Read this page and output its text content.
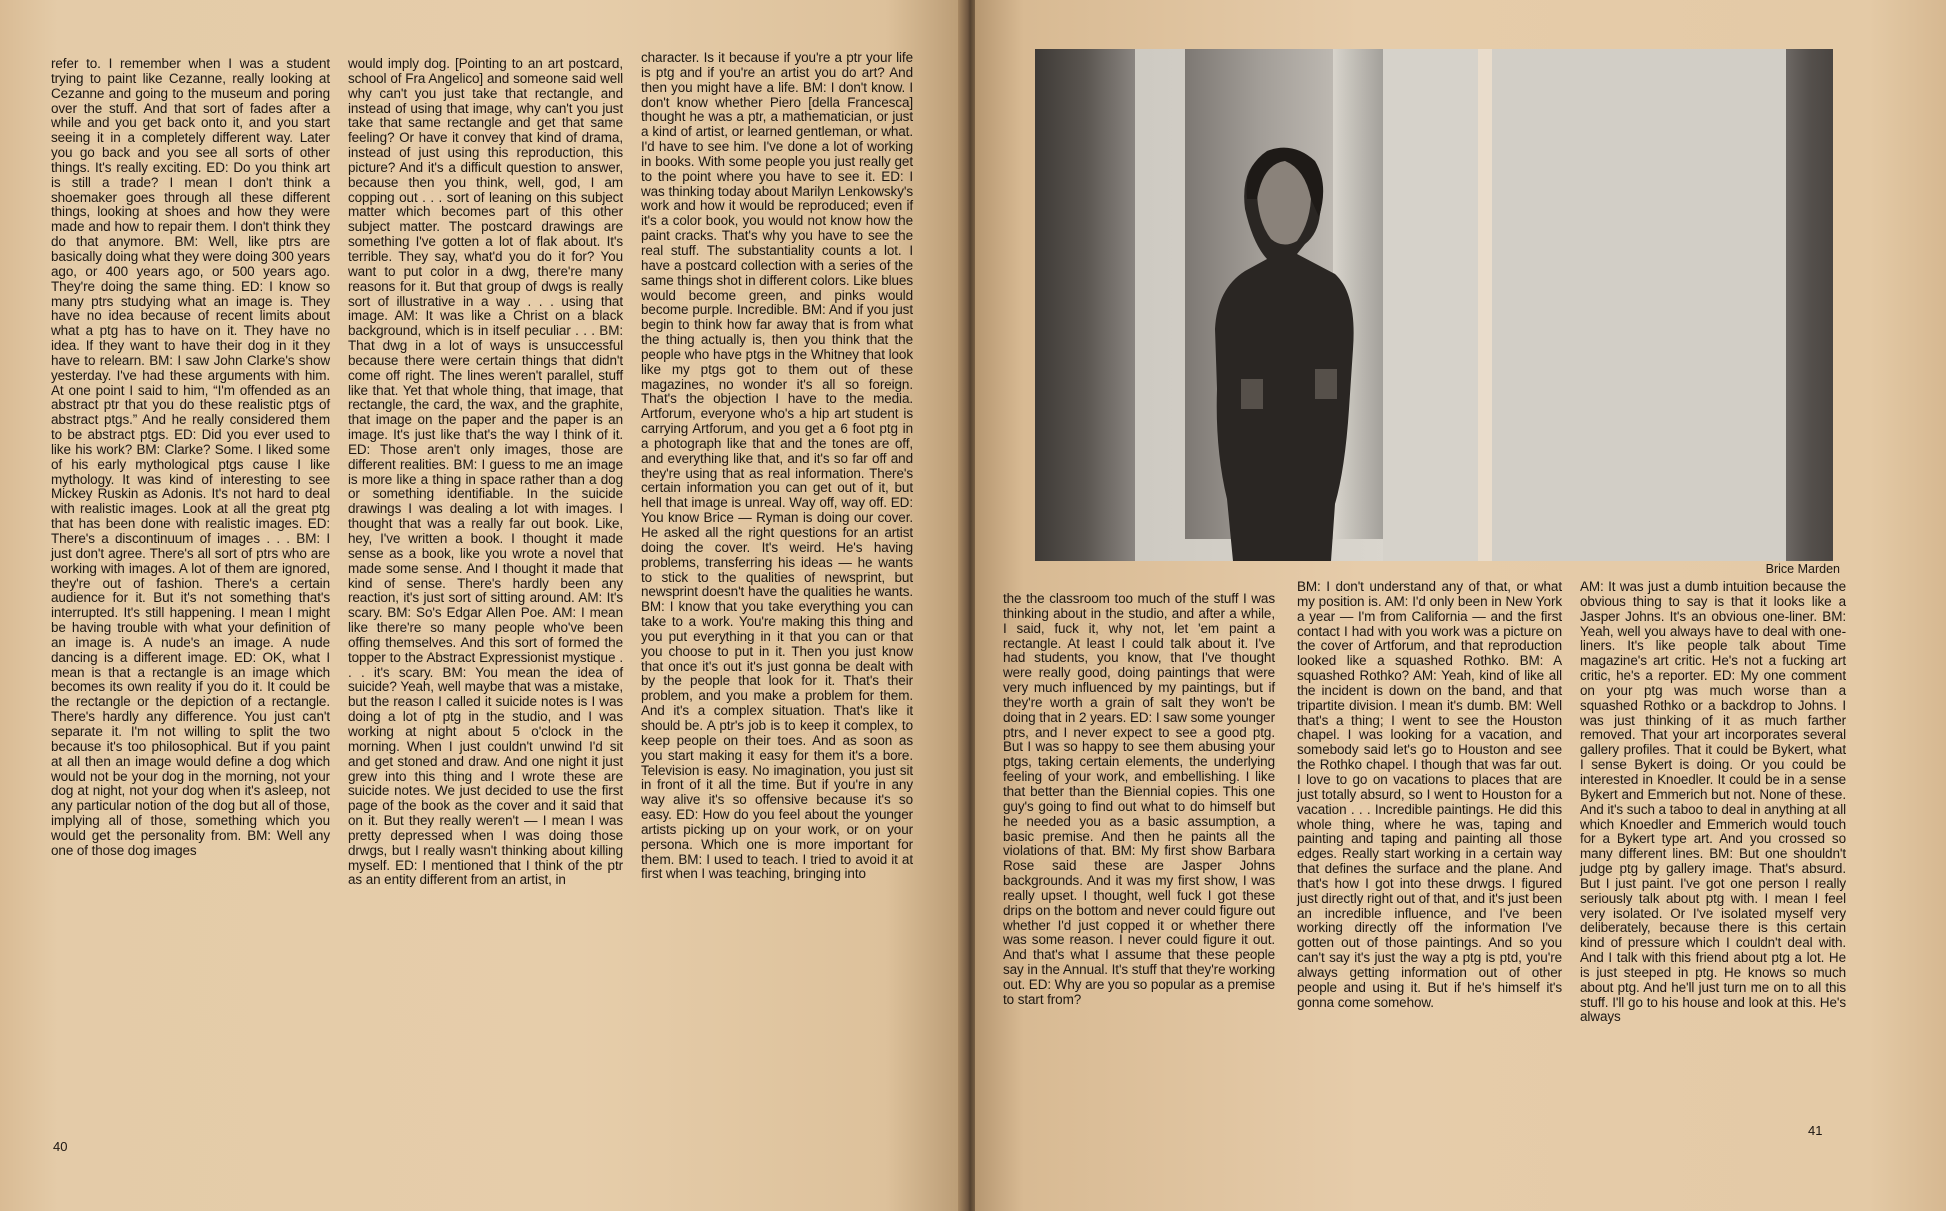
refer to. I remember when I was a student trying to paint like Cezanne, really looking at Cezanne and going to the museum and poring over the stuff. And that sort of fades after a while and you get back onto it, and you start seeing it in a completely different way. Later you go back and you see all sorts of other things. It's really exciting. ED: Do you think art is still a trade? I mean I don't think a shoemaker goes through all these different things, looking at shoes and how they were made and how to repair them. I don't think they do that anymore. BM: Well, like ptrs are basically doing what they were doing 300 years ago, or 400 years ago, or 500 years ago. They're doing the same thing. ED: I know so many ptrs studying what an image is. They have no idea because of recent limits about what a ptg has to have on it. They have no idea. If they want to have their dog in it they have to relearn. BM: I saw John Clarke's show yesterday. I've had these arguments with him. At one point I said to him, “I'm offended as an abstract ptr that you do these realistic ptgs of abstract ptgs.” And he really considered them to be abstract ptgs. ED: Did you ever used to like his work? BM: Clarke? Some. I liked some of his early mythological ptgs cause I like mythology. It was kind of interesting to see Mickey Ruskin as Adonis. It's not hard to deal with realistic images. Look at all the great ptg that has been done with realistic images. ED: There's a discontinuum of images . . . BM: I just don't agree. There's all sort of ptrs who are working with images. A lot of them are ignored, they're out of fashion. There's a certain audience for it. But it's not something that's interrupted. It's still happening. I mean I might be having trouble with what your definition of an image is. A nude's an image. A nude dancing is a different image. ED: OK, what I mean is that a rectangle is an image which becomes its own reality if you do it. It could be the rectangle or the depiction of a rectangle. There's hardly any difference. You just can't separate it. I'm not willing to split the two because it's too philosophical. But if you paint at all then an image would define a dog which would not be your dog in the morning, not your dog at night, not your dog when it's asleep, not any particular notion of the dog but all of those, implying all of those, something which you would get the personality from. BM: Well any one of those dog images

would imply dog. [Pointing to an art postcard, school of Fra Angelico] and someone said well why can't you just take that rectangle, and instead of using that image, why can't you just take that same rectangle and get that same feeling? Or have it convey that kind of drama, instead of just using this reproduction, this picture? And it's a difficult question to answer, because then you think, well, god, I am copping out . . . sort of leaning on this subject matter which becomes part of this other subject matter. The postcard drawings are something I've gotten a lot of flak about. It's terrible. They say, what'd you do it for? You want to put color in a dwg, there're many reasons for it. But that group of dwgs is really sort of illustrative in a way . . . using that image. AM: It was like a Christ on a black background, which is in itself peculiar . . . BM: That dwg in a lot of ways is unsuccessful because there were certain things that didn't come off right. The lines weren't parallel, stuff like that. Yet that whole thing, that image, that rectangle, the card, the wax, and the graphite, that image on the paper and the paper is an image. It's just like that's the way I think of it. ED: Those aren't only images, those are different realities. BM: I guess to me an image is more like a thing in space rather than a dog or something identifiable. In the suicide drawings I was dealing a lot with images. I thought that was a really far out book. Like, hey, I've written a book. I thought it made sense as a book, like you wrote a novel that made some sense. And I thought it made that kind of sense. There's hardly been any reaction, it's just sort of sitting around. AM: It's scary. BM: So's Edgar Allen Poe. AM: I mean like there're so many people who've been offing themselves. And this sort of formed the topper to the Abstract Expressionist mystique . . . it's scary. BM: You mean the idea of suicide? Yeah, well maybe that was a mistake, but the reason I called it suicide notes is I was doing a lot of ptg in the studio, and I was working at night about 5 o'clock in the morning. When I just couldn't unwind I'd sit and get stoned and draw. And one night it just grew into this thing and I wrote these are suicide notes. We just decided to use the first page of the book as the cover and it said that on it. But they really weren't — I mean I was pretty depressed when I was doing those drwgs, but I really wasn't thinking about killing myself. ED: I mentioned that I think of the ptr as an entity different from an artist, in

character. Is it because if you're a ptr your life is ptg and if you're an artist you do art? And then you might have a life. BM: I don't know. I don't know whether Piero [della Francesca] thought he was a ptr, a mathematician, or just a kind of artist, or learned gentleman, or what. I'd have to see him. I've done a lot of working in books. With some people you just really get to the point where you have to see it. ED: I was thinking today about Marilyn Lenkowsky's work and how it would be reproduced; even if it's a color book, you would not know how the paint cracks. That's why you have to see the real stuff. The substantiality counts a lot. I have a postcard collection with a series of the same things shot in different colors. Like blues would become green, and pinks would become purple. Incredible. BM: And if you just begin to think how far away that is from what the thing actually is, then you think that the people who have ptgs in the Whitney that look like my ptgs got to them out of these magazines, no wonder it's all so foreign. That's the objection I have to the media. Artforum, everyone who's a hip art student is carrying Artforum, and you get a 6 foot ptg in a photograph like that and the tones are off, and everything like that, and it's so far off and they're using that as real information. There's certain information you can get out of it, but hell that image is unreal. Way off, way off. ED: You know Brice — Ryman is doing our cover. He asked all the right questions for an artist doing the cover. It's weird. He's having problems, transferring his ideas — he wants to stick to the qualities of newsprint, but newsprint doesn't have the qualities he wants. BM: I know that you take everything you can take to a work. You're making this thing and you put everything in it that you can or that you choose to put in it. Then you just know that once it's out it's just gonna be dealt with by the people that look for it. That's their problem, and you make a problem for them. And it's a complex situation. That's like it should be. A ptr's job is to keep it complex, to keep people on their toes. And as soon as you start making it easy for them it's a bore. Television is easy. No imagination, you just sit in front of it all the time. But if you're in any way alive it's so offensive because it's so easy. ED: How do you feel about the younger artists picking up on your work, or on your persona. Which one is more important for them. BM: I used to teach. I tried to avoid it at first when I was teaching, bringing into

40

the the classroom too much of the stuff I was thinking about in the studio, and after a while, I said, fuck it, why not, let 'em paint a rectangle. At least I could talk about it. I've had students, you know, that I've thought were really good, doing paintings that were very much influenced by my paintings, but if they're worth a grain of salt they won't be doing that in 2 years. ED: I saw some younger ptrs, and I never expect to see a good ptg. But I was so happy to see them abusing your ptgs, taking certain elements, the underlying feeling of your work, and embellishing. I like that better than the Biennial copies. This one guy's going to find out what to do himself but he needed you as a basic assumption, a basic premise. And then he paints all the violations of that. BM: My first show Barbara Rose said these are Jasper Johns backgrounds. And it was my first show, I was really upset. I thought, well fuck I got these drips on the bottom and never could figure out whether I'd just copped it or whether there was some reason. I never could figure it out. And that's what I assume that these people say in the Annual. It's stuff that they're working out. ED: Why are you so popular as a premise to start from?

BM: I don't understand any of that, or what my position is. AM: I'd only been in New York a year — I'm from California — and the first contact I had with you work was a picture on the cover of Artforum, and that reproduction looked like a squashed Rothko. BM: A squashed Rothko? AM: Yeah, kind of like all the incident is down on the band, and that tripartite division. I mean it's dumb. BM: Well that's a thing; I went to see the Houston chapel. I was looking for a vacation, and somebody said let's go to Houston and see the Rothko chapel. I though that was far out. I love to go on vacations to places that are just totally absurd, so I went to Houston for a vacation . . . Incredible paintings. He did this whole thing, where he was, taping and painting and taping and painting all those edges. Really start working in a certain way that defines the surface and the plane. And that's how I got into these drwgs. I figured just directly right out of that, and it's just been an incredible influence, and I've been working directly off the information I've gotten out of those paintings. And so you can't say it's just the way a ptg is ptd, you're always getting information out of other people and using it. But if he's himself it's gonna come somehow.

AM: It was just a dumb intuition because the obvious thing to say is that it looks like a Jasper Johns. It's an obvious one-liner. BM: Yeah, well you always have to deal with one-liners. It's like people talk about Time magazine's art critic. He's not a fucking art critic, he's a reporter. ED: My one comment on your ptg was much worse than a squashed Rothko or a backdrop to Johns. I was just thinking of it as much farther removed. That your art incorporates several gallery profiles. That it could be Bykert, what I sense Bykert is doing. Or you could be interested in Knoedler. It could be in a sense Bykert and Emmerich but not. None of these. And it's such a taboo to deal in anything at all which Knoedler and Emmerich would touch for a Bykert type art. And you crossed so many different lines. BM: But one shouldn't judge ptg by gallery image. That's absurd. But I just paint. I've got one person I really seriously talk about ptg with. I mean I feel very isolated. Or I've isolated myself very deliberately, because there is this certain kind of pressure which I couldn't deal with. And I talk with this friend about ptg a lot. He is just steeped in ptg. He knows so much about ptg. And he'll just turn me on to all this stuff. I'll go to his house and look at this. He's always

41
Brice Marden
